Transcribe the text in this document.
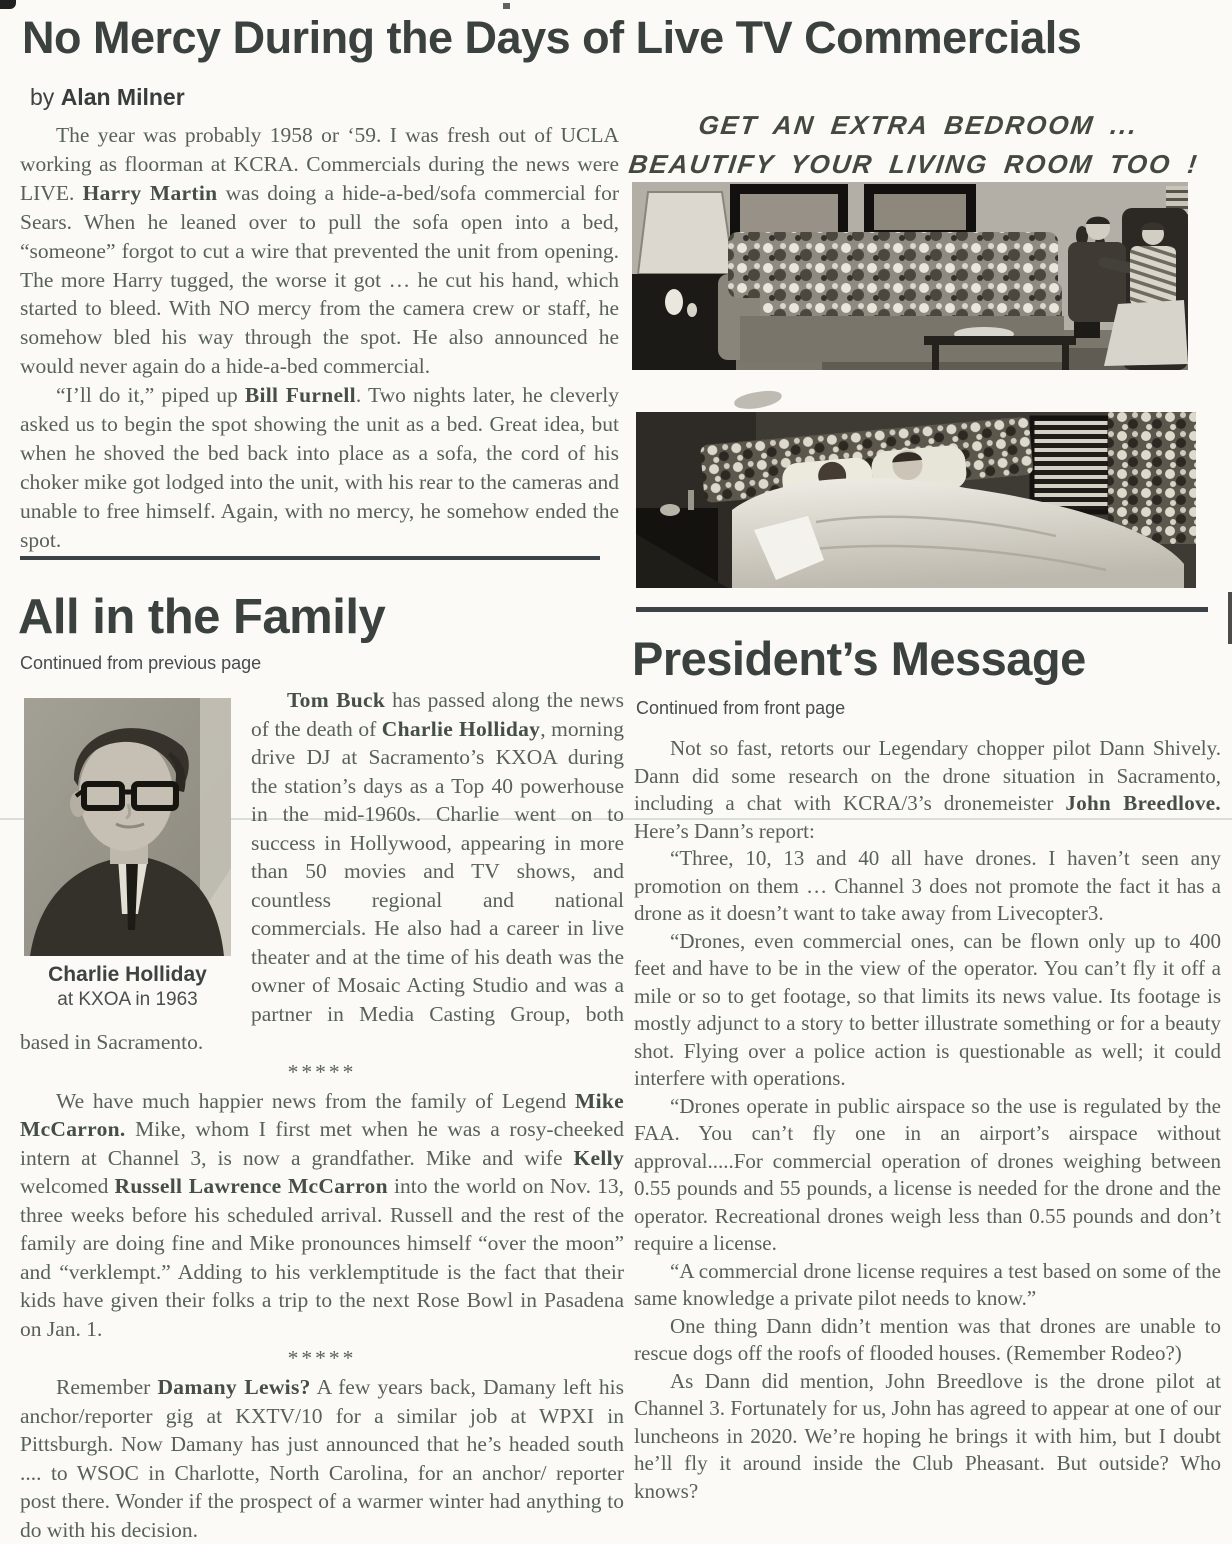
No Mercy During the Days of Live TV Commercials
by Alan Milner

The year was probably 1958 or ‘59. I was fresh out of UCLA working as floorman at KCRA. Commercials during the news were LIVE. Harry Martin was doing a hide-a-bed/sofa commercial for Sears. When he leaned over to pull the sofa open into a bed, “someone” forgot to cut a wire that prevented the unit from opening. The more Harry tugged, the worse it got … he cut his hand, which started to bleed. With NO mercy from the camera crew or staff, he somehow bled his way through the spot. He also announced he would never again do a hide-a-bed commercial.

“I’ll do it,” piped up Bill Furnell. Two nights later, he cleverly asked us to begin the spot showing the unit as a bed. Great idea, but when he shoved the bed back into place as a sofa, the cord of his choker mike got lodged into the unit, with his rear to the cameras and unable to free himself. Again, with no mercy, he somehow ended the spot.

All in the Family
Continued from previous page
Charlie Holliday
at KXOA in 1963

Tom Buck has passed along the news of the death of Charlie Holliday, morning drive DJ at Sacramento’s KXOA during the station’s days as a Top 40 powerhouse in the mid-1960s. Charlie went on to success in Hollywood, appearing in more than 50 movies and TV shows, and countless regional and national commercials. He also had a career in live theater and at the time of his death was the owner of Mosaic Acting Studio and was a partner in Media Casting Group, both based in Sacramento.

*****

We have much happier news from the family of Legend Mike McCarron. Mike, whom I first met when he was a rosy-cheeked intern at Channel 3, is now a grandfather. Mike and wife Kelly welcomed Russell Lawrence McCarron into the world on Nov. 13, three weeks before his scheduled arrival. Russell and the rest of the family are doing fine and Mike pronounces himself “over the moon” and “verklempt.” Adding to his verklemptitude is the fact that their kids have given their folks a trip to the next Rose Bowl in Pasadena on Jan. 1.

*****

Remember Damany Lewis? A few years back, Damany left his anchor/reporter gig at KXTV/10 for a similar job at WPXI in Pittsburgh. Now Damany has just announced that he’s headed south .... to WSOC in Charlotte, North Carolina, for an anchor/ reporter post there. Wonder if the prospect of a warmer winter had anything to do with his decision.

GET AN EXTRA BEDROOM ...
BEAUTIFY YOUR LIVING ROOM TOO !
President’s Message
Continued from front page

Not so fast, retorts our Legendary chopper pilot Dann Shively. Dann did some research on the drone situation in Sacramento, including a chat with KCRA/3’s dronemeister John Breedlove. Here’s Dann’s report:

“Three, 10, 13 and 40 all have drones. I haven’t seen any promotion on them … Channel 3 does not promote the fact it has a drone as it doesn’t want to take away from Livecopter3.

“Drones, even commercial ones, can be flown only up to 400 feet and have to be in the view of the operator. You can’t fly it off a mile or so to get footage, so that limits its news value. Its footage is mostly adjunct to a story to better illustrate something or for a beauty shot. Flying over a police action is questionable as well; it could interfere with operations.

“Drones operate in public airspace so the use is regulated by the FAA. You can’t fly one in an airport’s airspace without approval.....For commercial operation of drones weighing between 0.55 pounds and 55 pounds, a license is needed for the drone and the operator. Recreational drones weigh less than 0.55 pounds and don’t require a license.

“A commercial drone license requires a test based on some of the same knowledge a private pilot needs to know.”

One thing Dann didn’t mention was that drones are unable to rescue dogs off the roofs of flooded houses. (Remember Rodeo?)

As Dann did mention, John Breedlove is the drone pilot at Channel 3. Fortunately for us, John has agreed to appear at one of our luncheons in 2020. We’re hoping he brings it with him, but I doubt he’ll fly it around inside the Club Pheasant. But outside? Who knows?
